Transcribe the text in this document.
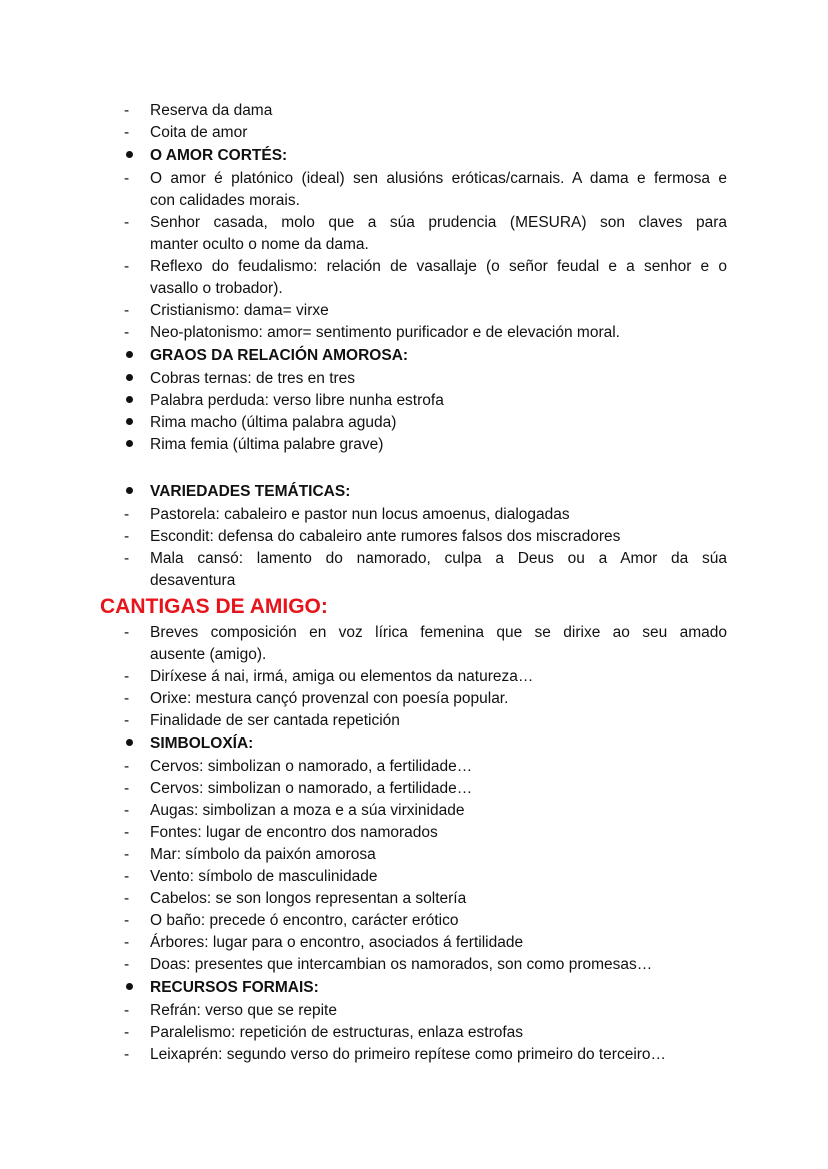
-	Reserva da dama
-	Coita de amor
O AMOR CORTÉS:
-	O amor é platónico (ideal) sen alusións eróticas/carnais. A dama e fermosa e
con calidades morais.
-	Senhor casada, molo que a súa prudencia (MESURA) son claves para
manter oculto o nome da dama.
-	Reflexo do feudalismo: relación de vasallaje (o señor feudal e a senhor e o
vasallo o trobador).
-	Cristianismo: dama= virxe
-	Neo-platonismo: amor= sentimento purificador e de elevación moral.
GRAOS DA RELACIÓN AMOROSA:
Cobras ternas: de tres en tres
Palabra perduda: verso libre nunha estrofa
Rima macho (última palabra aguda)
Rima femia (última palabre grave)
VARIEDADES TEMÁTICAS:
-	Pastorela: cabaleiro e pastor nun locus amoenus, dialogadas
-	Escondit: defensa do cabaleiro ante rumores falsos dos miscradores
-	Mala cansó: lamento do namorado, culpa a Deus ou a Amor da súa
desaventura
CANTIGAS DE AMIGO:
-	Breves composición en voz lírica femenina que se dirixe ao seu amado
ausente (amigo).
-	Diríxese á nai, irmá, amiga ou elementos da natureza…
-	Orixe: mestura cançó provenzal con poesía popular.
-	Finalidade de ser cantada repetición
SIMBOLOXÍA:
-	Cervos: simbolizan o namorado, a fertilidade…
-	Cervos: simbolizan o namorado, a fertilidade…
-	Augas: simbolizan a moza e a súa virxinidade
-	Fontes: lugar de encontro dos namorados
-	Mar: símbolo da paixón amorosa
-	Vento: símbolo de masculinidade
-	Cabelos: se son longos representan a soltería
-	O baño: precede ó encontro, carácter erótico
-	Árbores: lugar para o encontro, asociados á fertilidade
-	Doas: presentes que intercambian os namorados, son como promesas…
RECURSOS FORMAIS:
-	Refrán: verso que se repite
-	Paralelismo: repetición de estructuras, enlaza estrofas
-	Leixaprén: segundo verso do primeiro repítese como primeiro do terceiro…
